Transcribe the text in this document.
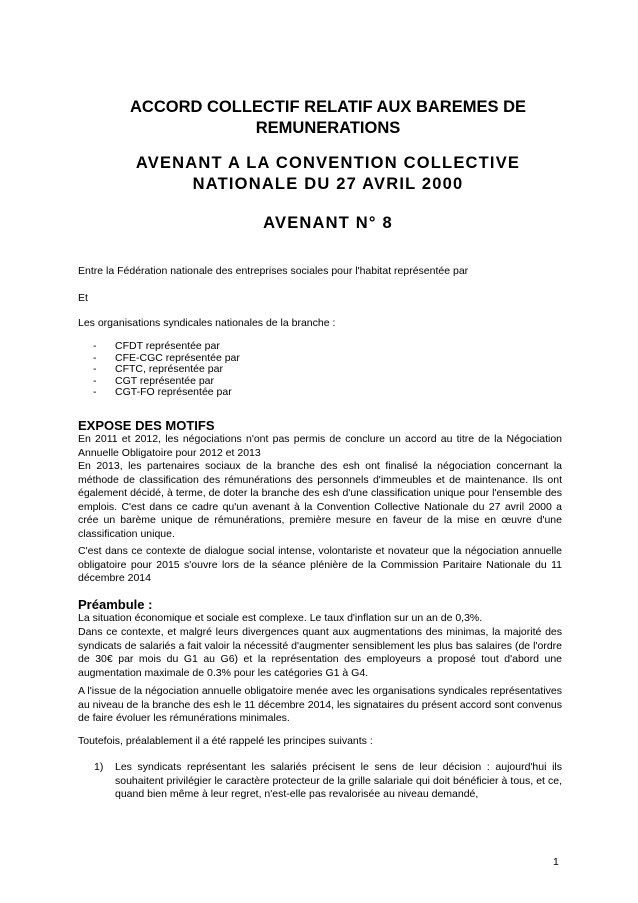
ACCORD COLLECTIF RELATIF AUX BAREMES DE
REMUNERATIONS
AVENANT A LA CONVENTION COLLECTIVE
NATIONALE DU 27 AVRIL 2000
AVENANT N° 8
Entre la Fédération nationale des entreprises sociales pour l'habitat représentée par
Et
Les organisations syndicales nationales de la branche :
- CFDT représentée par
- CFE-CGC représentée par
- CFTC, représentée par
- CGT représentée par
- CGT-FO représentée par
EXPOSE DES MOTIFS
En 2011 et 2012, les négociations n'ont pas permis de conclure un accord au titre de la Négociation Annuelle Obligatoire pour 2012 et 2013
En 2013, les partenaires sociaux de la branche des esh ont finalisé la négociation concernant la méthode de classification des rémunérations des personnels d'immeubles et de maintenance. Ils ont également décidé, à terme, de doter la branche des esh d'une classification unique pour l'ensemble des emplois. C'est dans ce cadre qu'un avenant à la Convention Collective Nationale du 27 avril 2000 a crée un barème unique de rémunérations, première mesure en faveur de la mise en œuvre d'une classification unique.
C'est dans ce contexte de dialogue social intense, volontariste et novateur que la négociation annuelle obligatoire pour 2015 s'ouvre lors de la séance plénière de la Commission Paritaire Nationale du 11 décembre 2014
Préambule :
La situation économique et sociale est complexe. Le taux d'inflation sur un an de 0,3%.
Dans ce contexte, et malgré leurs divergences quant aux augmentations des minimas, la majorité des syndicats de salariés a fait valoir la nécessité d'augmenter sensiblement les plus bas salaires (de l'ordre de 30€ par mois du G1 au G6) et la représentation des employeurs a proposé tout d'abord une augmentation maximale de 0.3% pour les catégories G1 à G4.
A l'issue de la négociation annuelle obligatoire menée avec les organisations syndicales représentatives au niveau de la branche des esh le 11 décembre 2014, les signataires du présent accord sont convenus de faire évoluer les rémunérations minimales.
Toutefois, préalablement il a été rappelé les principes suivants :
1) Les syndicats représentant les salariés précisent le sens de leur décision : aujourd'hui ils souhaitent privilégier le caractère protecteur de la grille salariale qui doit bénéficier à tous, et ce, quand bien même à leur regret, n'est-elle pas revalorisée au niveau demandé,
1
